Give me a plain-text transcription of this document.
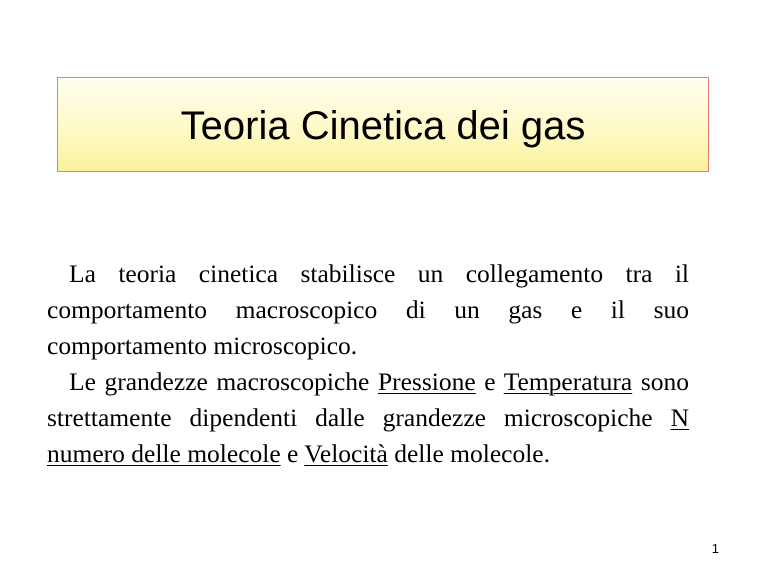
Teoria Cinetica dei gas

La teoria cinetica stabilisce un collegamento tra il comportamento macroscopico di un gas e il suo comportamento microscopico.

Le grandezze macroscopiche Pressione e Temperatura sono strettamente dipendenti dalle grandezze microscopiche N numero delle molecole e Velocità delle molecole.

1
